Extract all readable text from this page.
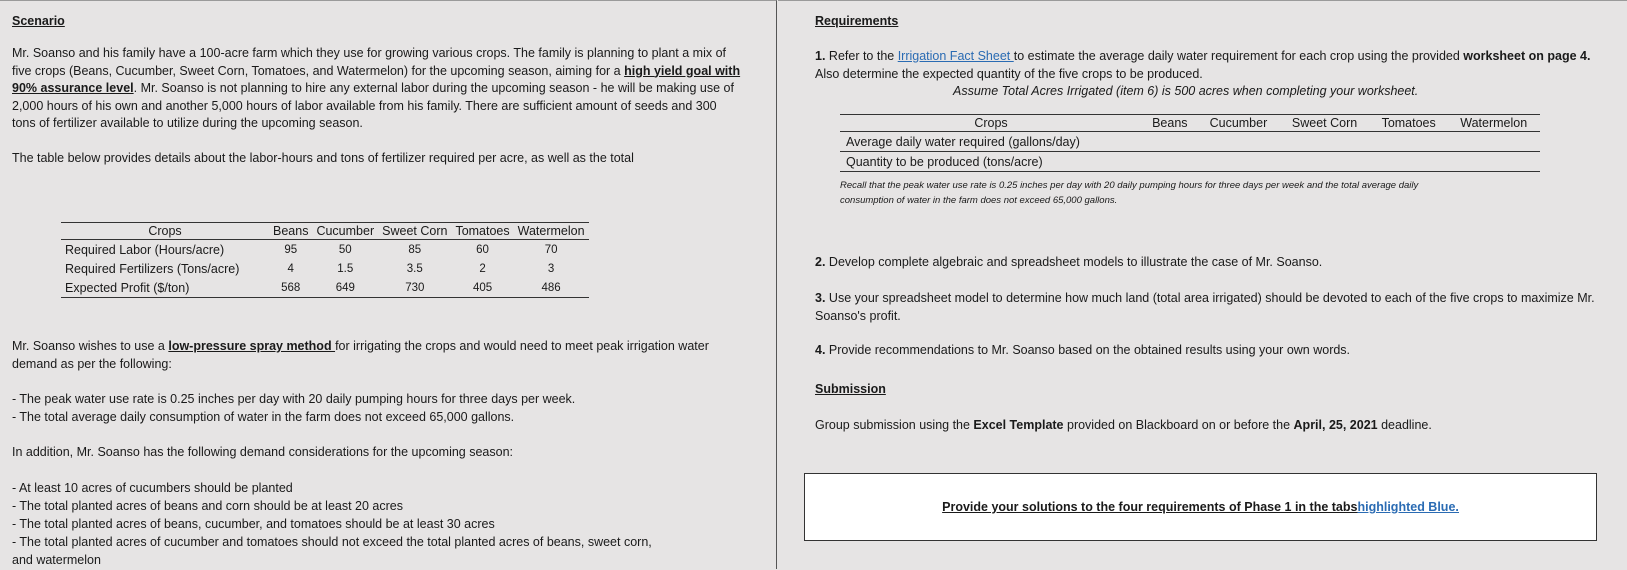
Scenario

Mr. Soanso and his family have a 100-acre farm which they use for growing various crops. The family is planning to plant a mix of five crops (Beans, Cucumber, Sweet Corn, Tomatoes, and Watermelon) for the upcoming season, aiming for a high yield goal with 90% assurance level. Mr. Soanso is not planning to hire any external labor during the upcoming season - he will be making use of 2,000 hours of his own and another 5,000 hours of labor available from his family. There are sufficient amount of seeds and 300 tons of fertilizer available to utilize during the upcoming season.

The table below provides details about the labor-hours and tons of fertilizer required per acre, as well as the total

Crops	Beans	Cucumber	Sweet Corn	Tomatoes	Watermelon
Required Labor (Hours/acre)	95	50	85	60	70
Required Fertilizers (Tons/acre)	4	1.5	3.5	2	3
Expected Profit ($/ton)	568	649	730	405	486

Mr. Soanso wishes to use a low-pressure spray method for irrigating the crops and would need to meet peak irrigation water demand as per the following:

- The peak water use rate is 0.25 inches per day with 20 daily pumping hours for three days per week.

- The total average daily consumption of water in the farm does not exceed 65,000 gallons.

In addition, Mr. Soanso has the following demand considerations for the upcoming season:

- At least 10 acres of cucumbers should be planted

- The total planted acres of beans and corn should be at least 20 acres

- The total planted acres of beans, cucumber, and tomatoes should be at least 30 acres

- The total planted acres of cucumber and tomatoes should not exceed the total planted acres of beans, sweet corn,

and watermelon

Requirements

1. Refer to the Irrigation Fact Sheet to estimate the average daily water requirement for each crop using the provided worksheet on page 4. Also determine the expected quantity of the five crops to be produced.

Assume Total Acres Irrigated (item 6) is 500 acres when completing your worksheet.

Crops	Beans	Cucumber	Sweet Corn	Tomatoes	Watermelon
Average daily water required (gallons/day)					
Quantity to be produced (tons/acre)					
Recall that the peak water use rate is 0.25 inches per day with 20 daily pumping hours for three days per week and the total average daily
consumption of water in the farm does not exceed 65,000 gallons.

2. Develop complete algebraic and spreadsheet models to illustrate the case of Mr. Soanso.

3. Use your spreadsheet model to determine how much land (total area irrigated) should be devoted to each of the five crops to maximize Mr. Soanso's profit.

4. Provide recommendations to Mr. Soanso based on the obtained results using your own words.

Submission

Group submission using the Excel Template provided on Blackboard on or before the April, 25, 2021 deadline.

Provide your solutions to the four requirements of Phase 1 in the tabs highlighted Blue.
